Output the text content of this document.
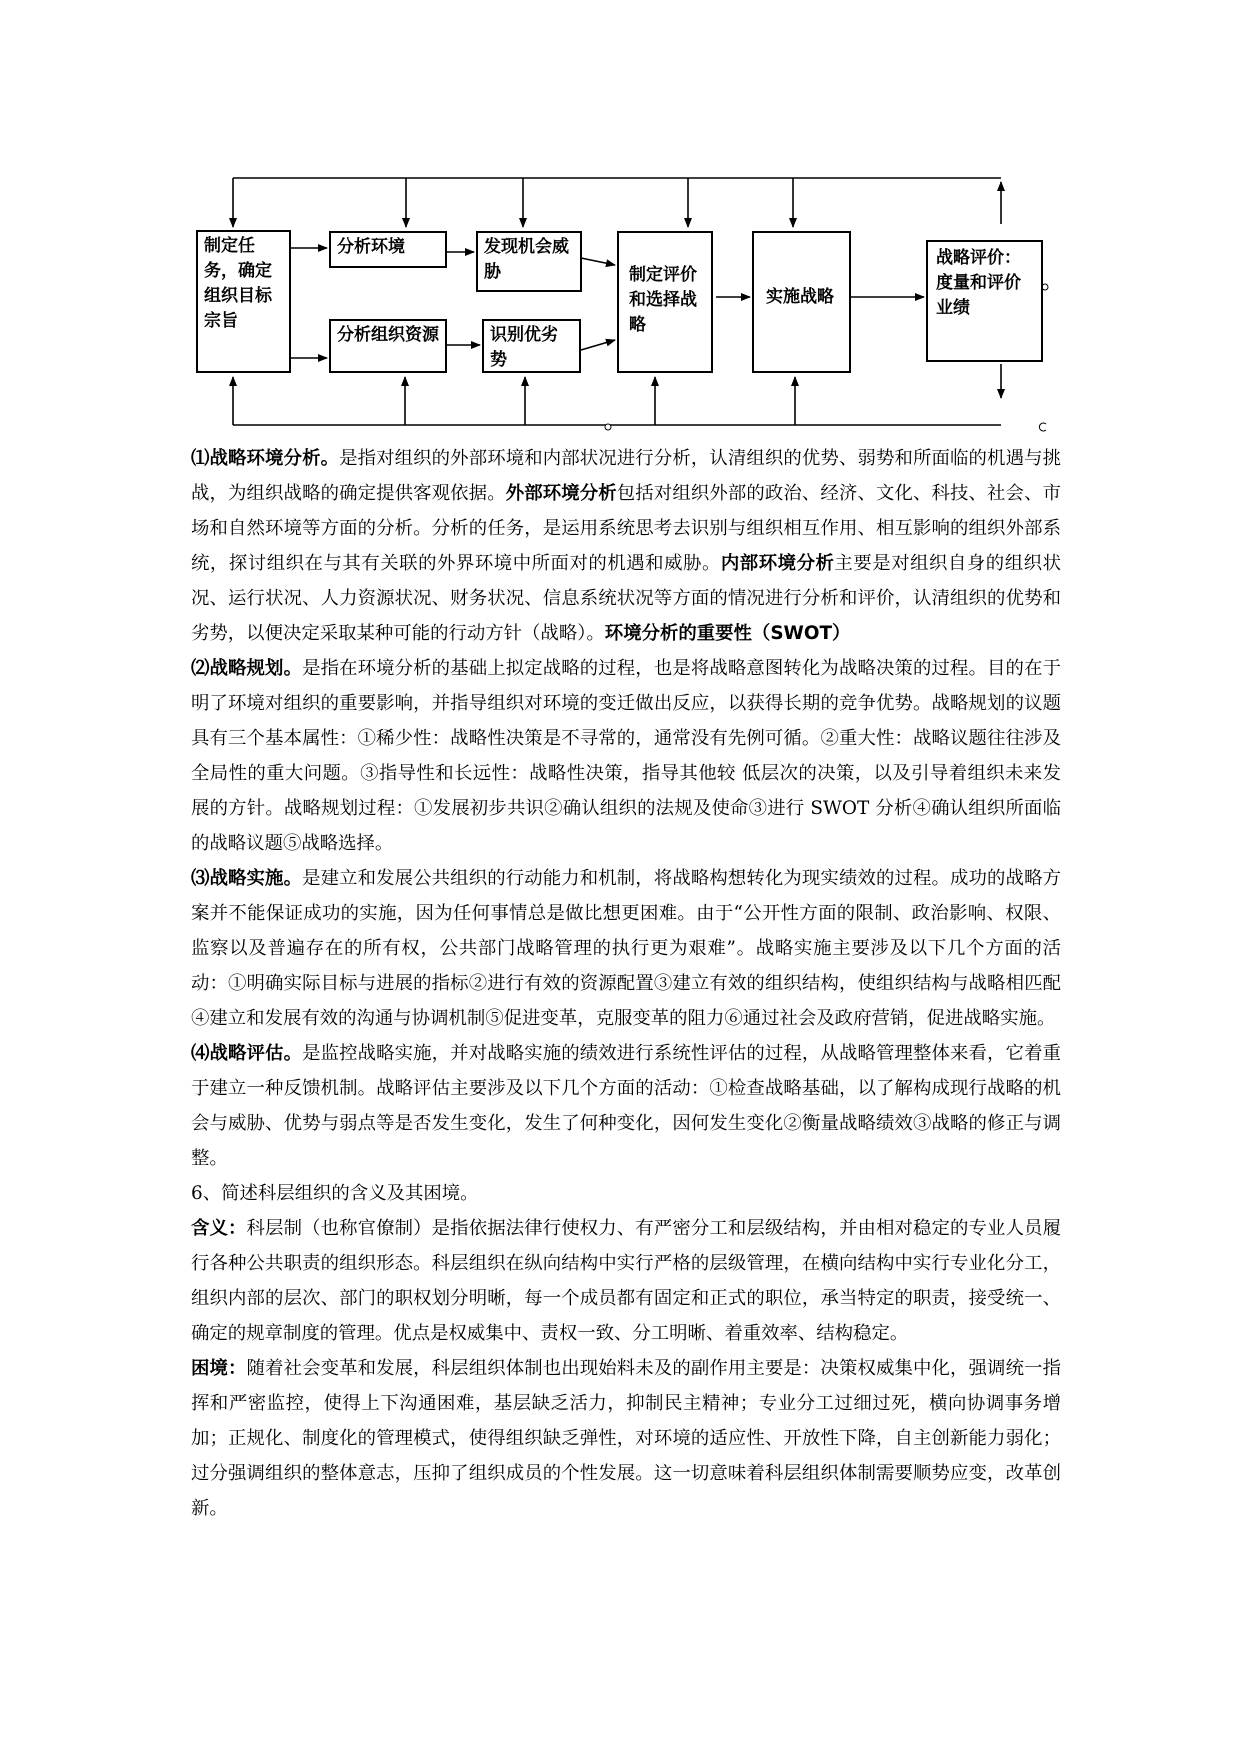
制定任务，确定组织目标宗旨
分析环境	发现机会威胁
分析组织资源	识别优劣势
制定评价和选择战略
实施战略
战略评价：度量和评价业绩

⑴战略环境分析。是指对组织的外部环境和内部状况进行分析，认清组织的优势、弱势和所面临的机遇与挑战，为组织战略的确定提供客观依据。外部环境分析包括对组织外部的政治、经济、文化、科技、社会、市场和自然环境等方面的分析。分析的任务，是运用系统思考去识别与组织相互作用、相互影响的组织外部系统，探讨组织在与其有关联的外界环境中所面对的机遇和威胁。内部环境分析主要是对组织自身的组织状况、运行状况、人力资源状况、财务状况、信息系统状况等方面的情况进行分析和评价，认清组织的优势和劣势，以便决定采取某种可能的行动方针（战略）。环境分析的重要性（SWOT）

⑵战略规划。是指在环境分析的基础上拟定战略的过程，也是将战略意图转化为战略决策的过程。目的在于明了环境对组织的重要影响，并指导组织对环境的变迁做出反应，以获得长期的竞争优势。战略规划的议题具有三个基本属性：①稀少性：战略性决策是不寻常的，通常没有先例可循。②重大性：战略议题往往涉及全局性的重大问题。③指导性和长远性：战略性决策，指导其他较 低层次的决策，以及引导着组织未来发展的方针。战略规划过程：①发展初步共识②确认组织的法规及使命③进行 SWOT 分析④确认组织所面临的战略议题⑤战略选择。

⑶战略实施。是建立和发展公共组织的行动能力和机制，将战略构想转化为现实绩效的过程。成功的战略方案并不能保证成功的实施，因为任何事情总是做比想更困难。由于“公开性方面的限制、政治影响、权限、监察以及普遍存在的所有权，公共部门战略管理的执行更为艰难”。战略实施主要涉及以下几个方面的活动：①明确实际目标与进展的指标②进行有效的资源配置③建立有效的组织结构，使组织结构与战略相匹配④建立和发展有效的沟通与协调机制⑤促进变革，克服变革的阻力⑥通过社会及政府营销，促进战略实施。

⑷战略评估。是监控战略实施，并对战略实施的绩效进行系统性评估的过程，从战略管理整体来看，它着重于建立一种反馈机制。战略评估主要涉及以下几个方面的活动：①检查战略基础，以了解构成现行战略的机会与威胁、优势与弱点等是否发生变化，发生了何种变化，因何发生变化②衡量战略绩效③战略的修正与调整。

6、简述科层组织的含义及其困境。

含义：科层制（也称官僚制）是指依据法律行使权力、有严密分工和层级结构，并由相对稳定的专业人员履行各种公共职责的组织形态。科层组织在纵向结构中实行严格的层级管理，在横向结构中实行专业化分工，组织内部的层次、部门的职权划分明晰，每一个成员都有固定和正式的职位，承当特定的职责，接受统一、确定的规章制度的管理。优点是权威集中、责权一致、分工明晰、着重效率、结构稳定。

困境：随着社会变革和发展，科层组织体制也出现始料未及的副作用主要是：决策权威集中化，强调统一指挥和严密监控，使得上下沟通困难，基层缺乏活力，抑制民主精神；专业分工过细过死，横向协调事务增加；正规化、制度化的管理模式，使得组织缺乏弹性，对环境的适应性、开放性下降，自主创新能力弱化；过分强调组织的整体意志，压抑了组织成员的个性发展。这一切意味着科层组织体制需要顺势应变，改革创新。
